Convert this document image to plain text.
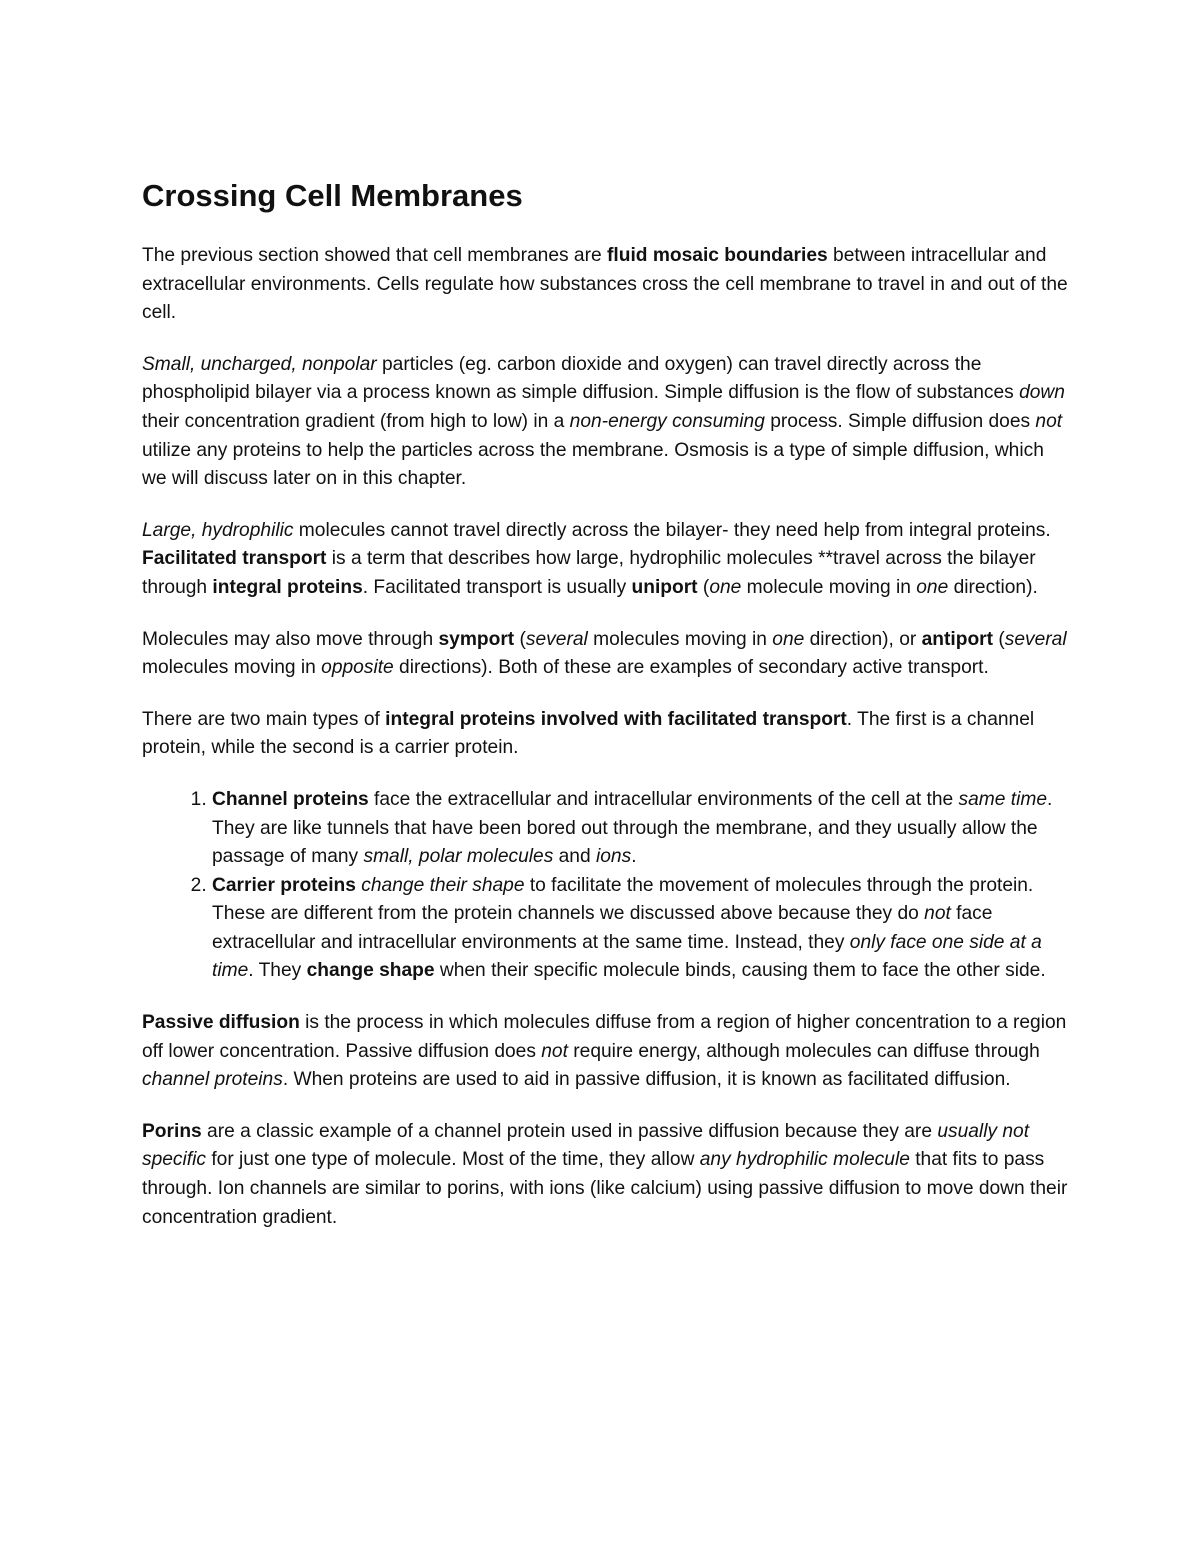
Crossing Cell Membranes

The previous section showed that cell membranes are fluid mosaic boundaries between intracellular and extracellular environments. Cells regulate how substances cross the cell membrane to travel in and out of the cell.

Small, uncharged, nonpolar particles (eg. carbon dioxide and oxygen) can travel directly across the phospholipid bilayer via a process known as simple diffusion. Simple diffusion is the flow of substances down their concentration gradient (from high to low) in a non-energy consuming process. Simple diffusion does not utilize any proteins to help the particles across the membrane. Osmosis is a type of simple diffusion, which we will discuss later on in this chapter.

Large, hydrophilic molecules cannot travel directly across the bilayer- they need help from integral proteins. Facilitated transport is a term that describes how large, hydrophilic molecules **travel across the bilayer through integral proteins. Facilitated transport is usually uniport (one molecule moving in one direction).

Molecules may also move through symport (several molecules moving in one direction), or antiport (several molecules moving in opposite directions). Both of these are examples of secondary active transport.

There are two main types of integral proteins involved with facilitated transport. The first is a channel protein, while the second is a carrier protein.

1. Channel proteins face the extracellular and intracellular environments of the cell at the same time. They are like tunnels that have been bored out through the membrane, and they usually allow the passage of many small, polar molecules and ions.
2. Carrier proteins change their shape to facilitate the movement of molecules through the protein. These are different from the protein channels we discussed above because they do not face extracellular and intracellular environments at the same time. Instead, they only face one side at a time. They change shape when their specific molecule binds, causing them to face the other side.

Passive diffusion is the process in which molecules diffuse from a region of higher concentration to a region off lower concentration. Passive diffusion does not require energy, although molecules can diffuse through channel proteins. When proteins are used to aid in passive diffusion, it is known as facilitated diffusion.

Porins are a classic example of a channel protein used in passive diffusion because they are usually not specific for just one type of molecule. Most of the time, they allow any hydrophilic molecule that fits to pass through. Ion channels are similar to porins, with ions (like calcium) using passive diffusion to move down their concentration gradient.
